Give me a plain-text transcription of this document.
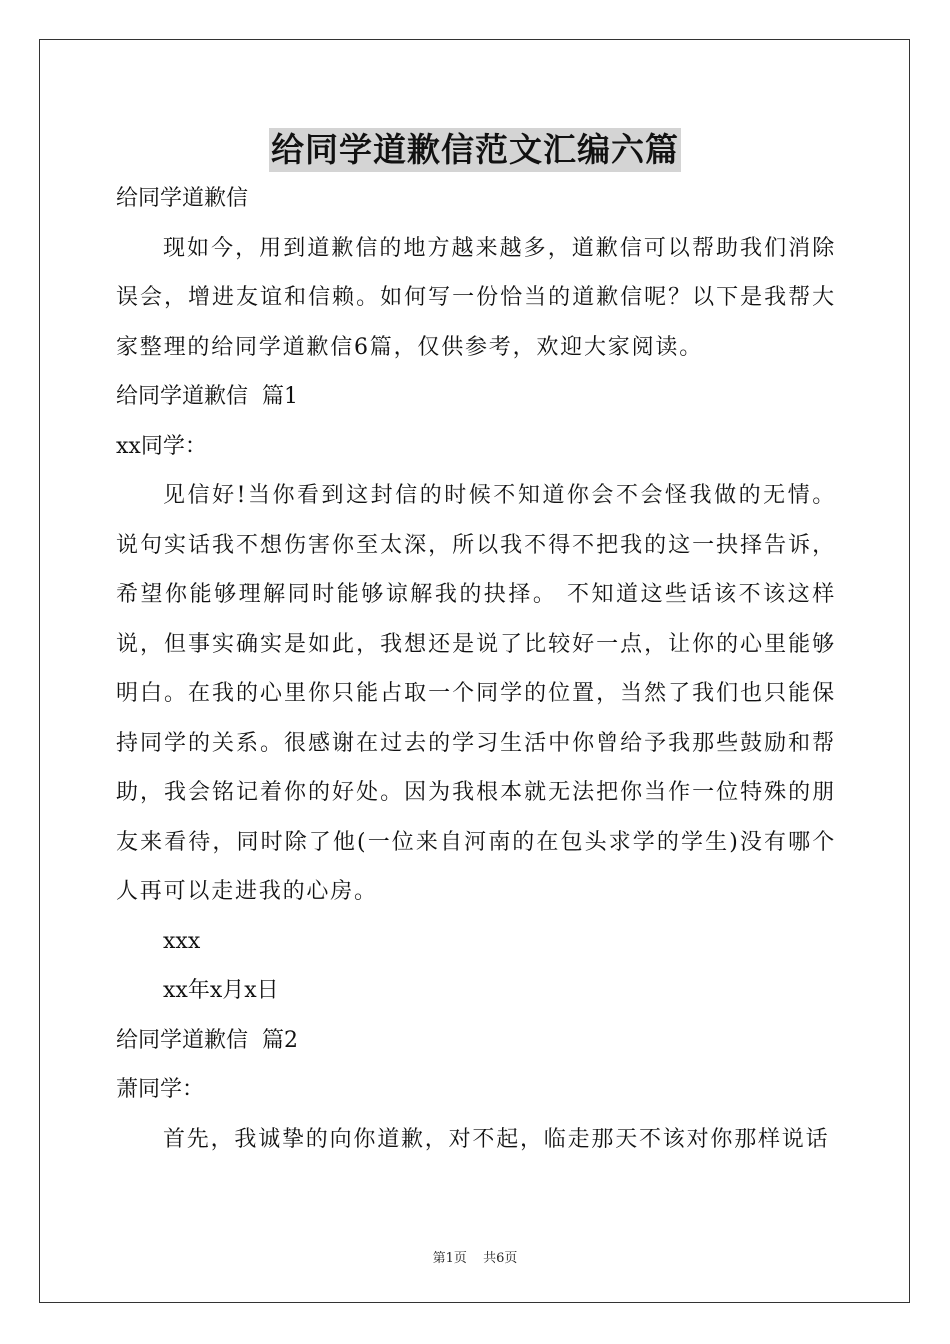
给同学道歉信范文汇编六篇
给同学道歉信
现如今，用到道歉信的地方越来越多，道歉信可以帮助我们消除误会，增进友谊和信赖。如何写一份恰当的道歉信呢？以下是我帮大家整理的给同学道歉信6篇，仅供参考，欢迎大家阅读。
给同学道歉信  篇1
xx同学：
见信好!当你看到这封信的时候不知道你会不会怪我做的无情。说句实话我不想伤害你至太深，所以我不得不把我的这一抉择告诉，希望你能够理解同时能够谅解我的抉择。 不知道这些话该不该这样说，但事实确实是如此，我想还是说了比较好一点，让你的心里能够明白。在我的心里你只能占取一个同学的位置，当然了我们也只能保持同学的关系。很感谢在过去的学习生活中你曾给予我那些鼓励和帮助，我会铭记着你的好处。因为我根本就无法把你当作一位特殊的朋友来看待，同时除了他(一位来自河南的在包头求学的学生)没有哪个人再可以走进我的心房。
xxx
xx年x月x日
给同学道歉信  篇2
萧同学：
首先，我诚挚的向你道歉，对不起，临走那天不该对你那样说话
第1页 共6页
